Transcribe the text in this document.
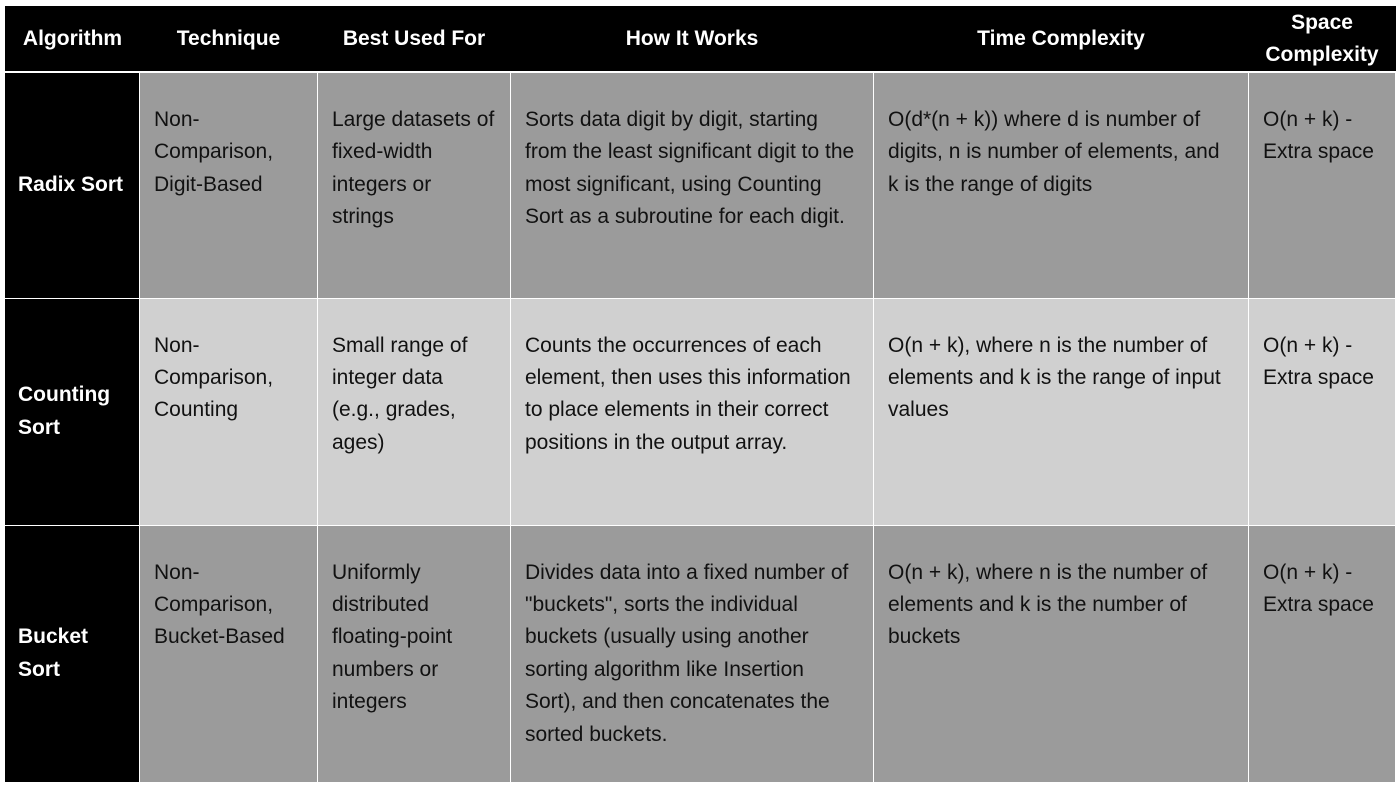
Algorithm	Technique	Best Used For	How It Works	Time Complexity	Space Complexity
Radix Sort	Non-Comparison, Digit-Based	Large datasets of fixed-width integers or strings	Sorts data digit by digit, starting from the least significant digit to the most significant, using Counting Sort as a subroutine for each digit.	O(d*(n + k)) where d is number of digits, n is number of elements, and k is the range of digits	O(n + k) - Extra space
Counting Sort	Non-Comparison, Counting	Small range of integer data (e.g., grades, ages)	Counts the occurrences of each element, then uses this information to place elements in their correct positions in the output array.	O(n + k), where n is the number of elements and k is the range of input values	O(n + k) - Extra space
Bucket Sort	Non-Comparison, Bucket-Based	Uniformly distributed floating-point numbers or integers	Divides data into a fixed number of "buckets", sorts the individual buckets (usually using another sorting algorithm like Insertion Sort), and then concatenates the sorted buckets.	O(n + k), where n is the number of elements and k is the number of buckets	O(n + k) - Extra space
